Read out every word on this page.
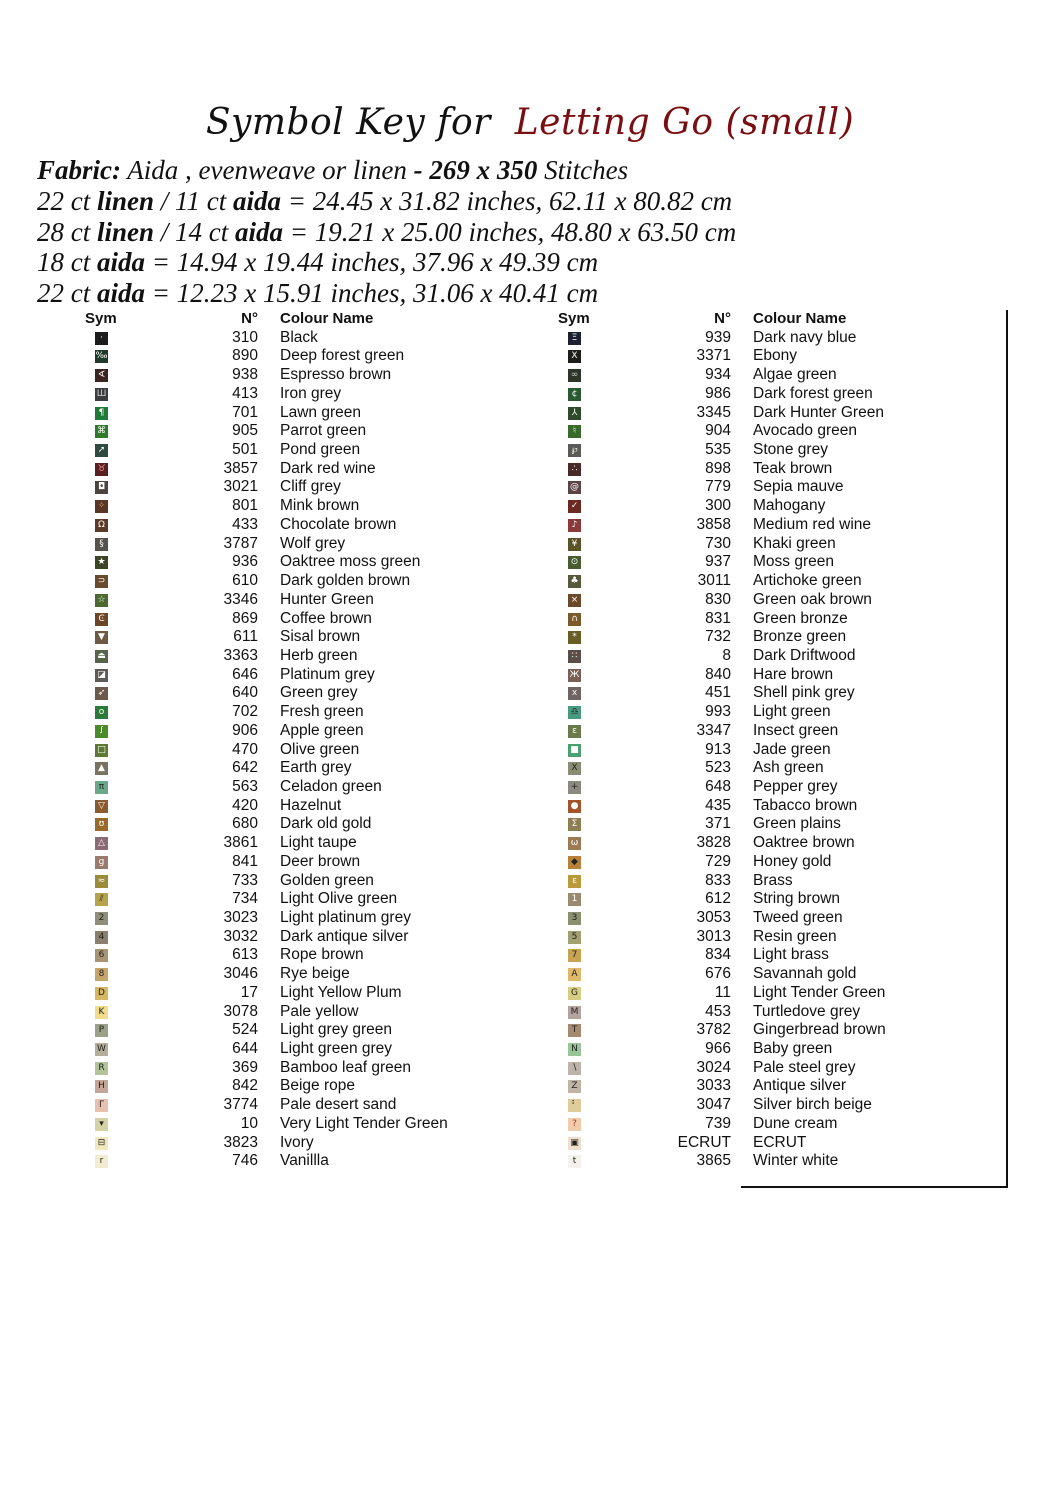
Symbol Key for Letting Go (small)
Fabric: Aida , evenweave or linen - 269 x 350 Stitches
22 ct linen / 11 ct aida = 24.45 x 31.82 inches, 62.11 x 80.82 cm
28 ct linen / 14 ct aida = 19.21 x 25.00 inches, 48.80 x 63.50 cm
18 ct aida = 14.94 x 19.44 inches, 37.96 x 49.39 cm
22 ct aida = 12.23 x 15.91 inches, 31.06 x 40.41 cm
Sym	N° Colour Name
·	310 Black
‰	890 Deep forest green
∢	938 Espresso brown
Ш	413 Iron grey
¶	701 Lawn green
⌘	905 Parrot green
➚	501 Pond green
♉	3857 Dark red wine
◘	3021 Cliff grey
✧	801 Mink brown
Ω	433 Chocolate brown
§	3787 Wolf grey
★	936 Oaktree moss green
⊃	610 Dark golden brown
☆	3346 Hunter Green
Ͼ	869 Coffee brown
▼	611 Sisal brown
⏏	3363 Herb green
◪	646 Platinum grey
➶	640 Green grey
o	702 Fresh green
ꭍ	906 Apple green
□	470 Olive green
▲	642 Earth grey
π	563 Celadon green
▽	420 Hazelnut
ʊ	680 Dark old gold
△	3861 Light taupe
g	841 Deer brown
≈	733 Golden green
⫽	734 Light Olive green
2	3023 Light platinum grey
4	3032 Dark antique silver
6	613 Rope brown
8	3046 Rye beige
D	17 Light Yellow Plum
K	3078 Pale yellow
P	524 Light grey green
W	644 Light green grey
R	369 Bamboo leaf green
H	842 Beige rope
Γ	3774 Pale desert sand
▾	10 Very Light Tender Green
⊟	3823 Ivory
r	746 Vanillla
Sym	N° Colour Name
Ξ	939 Dark navy blue
X	3371 Ebony
∞	934 Algae green
¢	986 Dark forest green
⅄	3345 Dark Hunter Green
♮	904 Avocado green
℘	535 Stone grey
∴	898 Teak brown
@	779 Sepia mauve
✓	300 Mahogany
♪	3858 Medium red wine
¥	730 Khaki green
⊙	937 Moss green
♣	3011 Artichoke green
×	830 Green oak brown
∩	831 Green bronze
*	732 Bronze green
∷	8 Dark Driftwood
Ж	840 Hare brown
x	451 Shell pink grey
♎	993 Light green
ε	3347 Insect green
■	913 Jade green
Χ	523 Ash green
+	648 Pepper grey
●	435 Tabacco brown
Σ	371 Green plains
ω	3828 Oaktree brown
◆	729 Honey gold
ɛ	833 Brass
1	612 String brown
3	3053 Tweed green
5	3013 Resin green
7	834 Light brass
A	676 Savannah gold
G	11 Light Tender Green
M	453 Turtledove grey
T	3782 Gingerbread brown
N	966 Baby green
∖	3024 Pale steel grey
Z	3033 Antique silver
⠃	3047 Silver birch beige
?	739 Dune cream
▣	ECRUT ECRUT
t	3865 Winter white
